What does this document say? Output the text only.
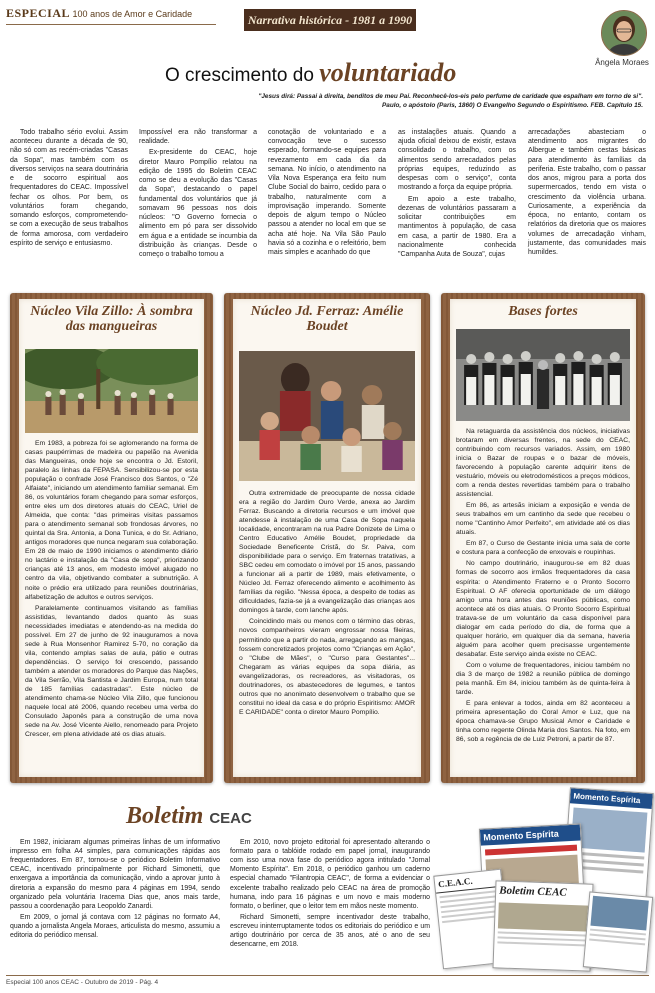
ESPECIAL 100 anos de Amor e Caridade	Narrativa histórica - 1981 a 1990
Ângela Moraes
O crescimento do voluntariado
"Jesus dirá: Passai à direita, benditos de meu Pai. Reconhecê-los-eis pelo perfume de caridade que espalham em torno de si".
Paulo, o apóstolo (Paris, 1860) O Evangelho Segundo o Espiritismo. FEB. Capítulo 15.

Todo trabalho sério evolui. Assim aconteceu durante a década de 90, não só com as recém-criadas "Casas da Sopa", mas também com os diversos serviços na seara doutrinária e de socorro espiritual aos frequentadores do CEAC. Impossível fechar os olhos. Por bem, os voluntários foram chegando, somando esforços, comprometendo-se com a execução de seus trabalhos de forma amorosa, com verdadeiro espírito de serviço e entusiasmo.

Impossível era não transformar a realidade.

Ex-presidente do CEAC, hoje diretor Mauro Pompílio relatou na edição de 1995 do Boletim CEAC como se deu a evolução das "Casas da Sopa", destacando o papel fundamental dos voluntários que já somavam 96 pessoas nos dois núcleos: "O Governo fornecia o alimento em pó para ser dissolvido em água e a entidade se incumbia da distribuição às crianças. Desde o começo o trabalho tomou a

conotação de voluntariado e a convocação teve o sucesso esperado, formando-se equipes para revezamento em cada dia da semana. No início, o atendimento na Vila Nova Esperança era feito num Clube Social do bairro, cedido para o trabalho, naturalmente com a improvisação imperando. Somente depois de algum tempo o Núcleo passou a atender no local em que se acha até hoje. Na Vila São Paulo havia só a cozinha e o refeitório, bem mais simples e acanhado do que

as instalações atuais. Quando a ajuda oficial deixou de existir, estava consolidado o trabalho, com os alimentos sendo arrecadados pelas próprias equipes, reduzindo as despesas com o serviço", conta mostrando a força da equipe própria.

Em apoio a este trabalho, dezenas de voluntários passaram a solicitar contribuições em mantimentos à população, de casa em casa, a partir de 1980. Era a nacionalmente conhecida "Campanha Auta de Souza", cujas

arrecadações abasteciam o atendimento aos migrantes do Albergue e também cestas básicas para atendimento às famílias da periferia. Este trabalho, com o passar dos anos, migrou para a porta dos supermercados, tendo em vista o crescimento da violência urbana. Curiosamente, a experiência da época, no entanto, contam os relatórios da diretoria que os maiores volumes de arrecadação vinham, justamente, das comunidades mais humildes.

Núcleo Vila Zillo: À sombra das mangueiras

Em 1983, a pobreza foi se aglomerando na forma de casas paupérrimas de madeira ou papelão na Avenida das Mangueiras, onde hoje se encontra o Jd. Estoril, paralelo às linhas da FEPASA. Sensibilizou-se por esta população o confrade José Francisco dos Santos, o "Zé Alfaiate", iniciando um atendimento familiar semanal. Em 86, os voluntários foram chegando para somar esforços, entre eles um dos diretores atuais do CEAC, Uriel de Almeida, que conta: "das primeiras visitas passamos para o atendimento semanal sob frondosas árvores, no quintal da Sra. Antonia, a Dona Tunica, e do Sr. Adriano, antigos moradores que nunca negaram sua colaboração. Em 28 de maio de 1990 iniciamos o atendimento diário no lactário e instalação da "Casa de sopa", priorizando crianças até 13 anos, em modesto imóvel alugado no centro da vila, objetivando combater a subnutrição. A noite o prédio era utilizado para reuniões doutrinárias, alfabetização de adultos e outros serviços.

Paralelamente continuamos visitando as famílias assistidas, levantando dados quanto às suas necessidades imediatas e atendendo-as na medida do possível. Em 27 de junho de 92 inauguramos a nova sede à Rua Monsenhor Ramirez 5-70, no coração da vila, contendo amplas salas de aula, pátio e outras dependências. O serviço foi crescendo, passando também a atender os moradores do Parque das Nações, da Vila Serrão, Vila Santista e Jardim Europa, num total de 185 famílias cadastradas". Este núcleo de atendimento chama-se Núcleo Vila Zillo, que funcionou naquele local até 2006, quando recebeu uma verba do Consulado Japonês para a construção de uma nova sede na Av. José Vicente Aiello, renomeado para Projeto Crescer, em plena atividade até os dias atuais.

Núcleo Jd. Ferraz: Amélie Boudet

Outra extremidade de preocupante de nossa cidade era a região do Jardim Ouro Verde, anexa ao Jardim Ferraz. Buscando a diretoria recursos e um imóvel que atendesse à instalação de uma Casa de Sopa naquela localidade, encontraram na rua Padre Donizete de Lima o Centro Educativo Amélie Boudet, propriedade da Sociedade Beneficente Cristã, do Sr. Paiva, com disponibilidade para o serviço. Em fraternas tratativas, a SBC cedeu em comodato o imóvel por 15 anos, passando a funcionar ali a partir de 1989, mais efetivamente, o Núcleo Jd. Ferraz oferecendo alimento e acolhimento às famílias da região. "Nessa época, a despeito de todas as dificuldades, fazia-se já a evangelização das crianças aos domingos à tarde, com lanche após.

Coincidindo mais ou menos com o término das obras, novos companheiros vieram engrossar nossa fileiras, permitindo que a partir do nada, arregaçando as mangas, fossem concretizados projetos como "Crianças em Ação", o "Clube de Mães", o "Curso para Gestantes"... Chegaram as várias equipes da sopa diária, as evangelizadoras, os recreadores, as visitadoras, os doutrinadores, os abastecedores de legumes, e tantos outros que no anonimato desenvolvem o trabalho que se constitui no ideal da casa e do próprio Espiritismo: AMOR E CARIDADE" conta o diretor Mauro Pompílio.

Bases fortes

Na retaguarda da assistência dos núcleos, iniciativas brotaram em diversas frentes, na sede do CEAC, contribuindo com recursos variados. Assim, em 1980 inicia o Bazar de roupas e o bazar de móveis, favorecendo à população carente adquirir itens de vestuário, móveis ou eletrodomésticos a preços módicos, com a renda destes revertidas também para o trabalho assistencial.

Em 86, as artesãs iniciam a exposição e venda de seus trabalhos em um cantinho da sede que recebeu o nome "Cantinho Amor Perfeito", em atividade até os dias atuais.

Em 87, o Curso de Gestante inicia uma sala de corte e costura para a confecção de enxovais e roupinhas.

No campo doutrinário, inaugurou-se em 82 duas formas de socorro aos irmãos frequentadores da casa espírita: o Atendimento Fraterno e o Pronto Socorro Espiritual. O AF oferecia oportunidade de um diálogo amigo uma hora antes das reuniões públicas, como acontece até os dias atuais. O Pronto Socorro Espiritual tratava-se de um voluntário da casa disponível para dialogar em cada período do dia, de forma que a qualquer horário, em qualquer dia da semana, haveria alguém para acolher quem precisasse urgentemente desabafar. Este serviço ainda existe no CEAC.

Com o volume de frequentadores, iniciou também no dia 3 de março de 1982 a reunião pública de domingo pela manhã. Em 84, iniciou também às de quinta-feira à tarde.

E para enlevar a todos, ainda em 82 aconteceu a primeira apresentação do Coral Amor e Luz, que na época chamava-se Grupo Musical Amor e Caridade e tinha como regente Olinda Maria dos Santos. Na foto, em 86, sob a regência de de Luiz Petroni, a partir de 87.

Boletim CEAC

Em 1982, iniciaram algumas primeiras linhas de um informativo impresso em folha A4 simples, para comunicações rápidas aos frequentadores. Em 87, tornou-se o periódico Boletim Informativo CEAC, incentivado principalmente por Richard Simonetti, que enxergava a importância da comunicação, vindo a aprovar junto à diretoria a expansão do mesmo para 4 páginas em 1994, sendo organizado pela voluntária Iracema Dias que, anos mais tarde, passou a coordenação para Leopoldo Zanardi.

Em 2009, o jornal já contava com 12 páginas no formato A4, quando a jornalista Angela Moraes, articulista do mesmo, assumiu a editoria do periódico mensal.

Em 2010, novo projeto editorial foi apresentado alterando o formato para o tablóide rodado em papel jornal, inaugurando com isso uma nova fase do periódico agora intitulado "Jornal Momento Espírita". Em 2018, o periódico ganhou um caderno especial chamado "Filantropia CEAC", de forma a evidenciar o excelente trabalho realizado pelo CEAC na área de promoção humana, indo para 16 páginas e um novo e mais moderno formato, o berliner, que o leitor tem em mãos neste momento.

Richard Simonetti, sempre incentivador deste trabalho, escreveu ininterruptamente todos os editoriais do periódico e um artigo doutrinário por cerca de 35 anos, até o ano de seu desencarne, em 2018.

Momento Espírita
Momento Espírita
C.E.A.C.
Boletim CEAC
Especial 100 anos CEAC - Outubro de 2019 - Pág. 4
